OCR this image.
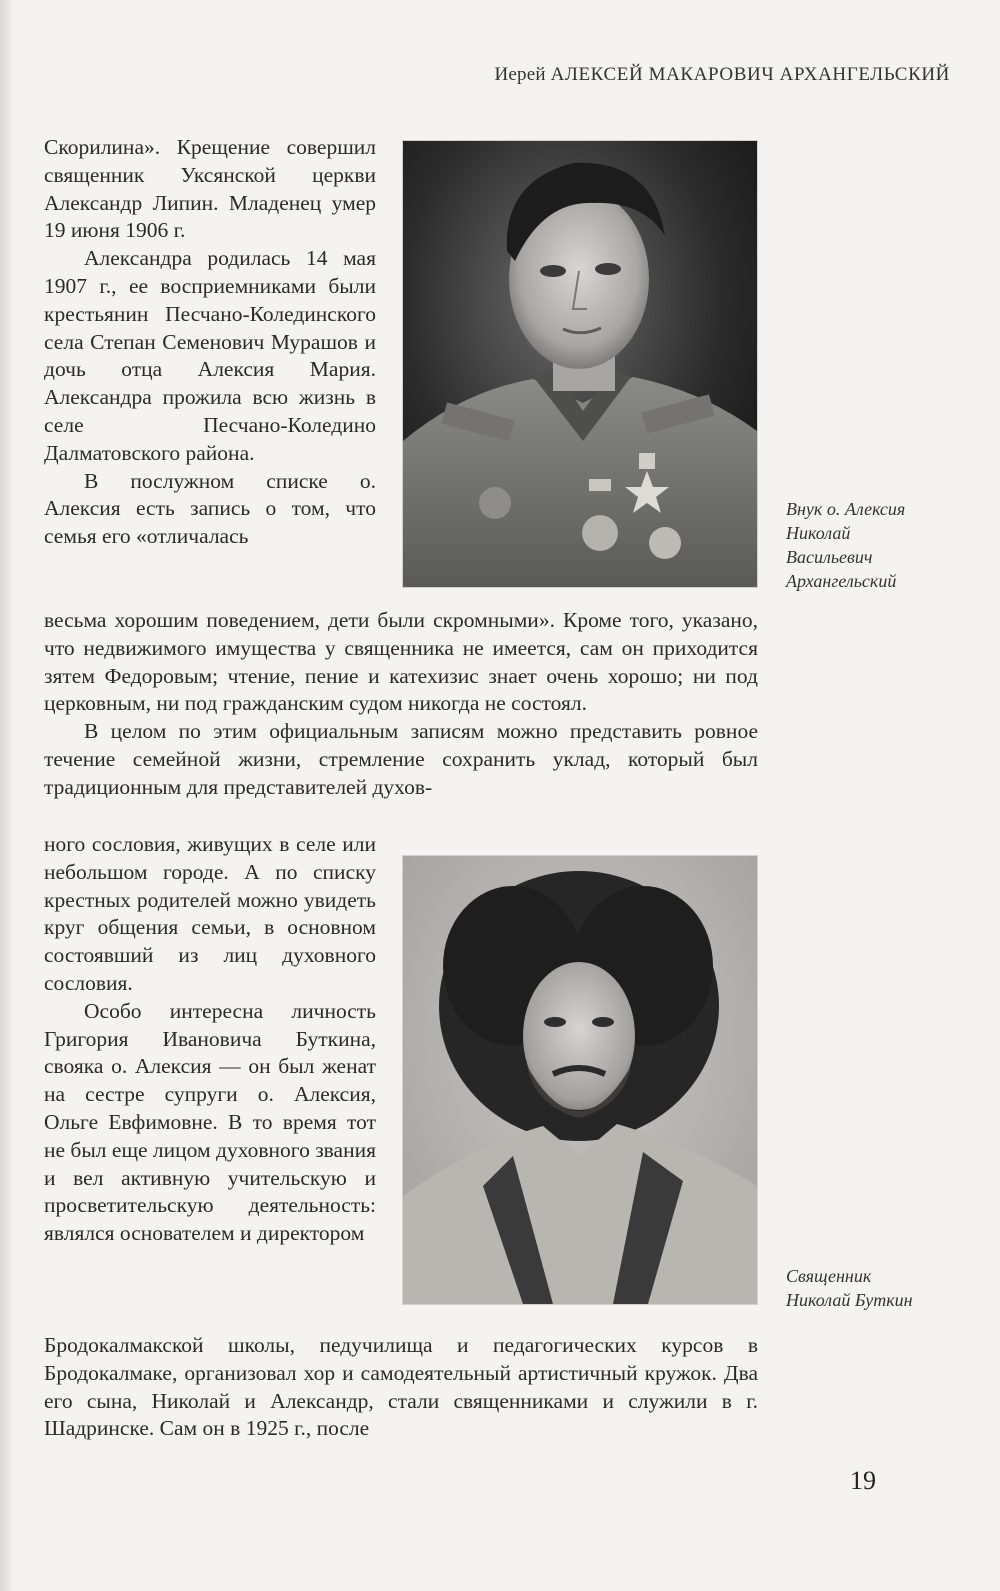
Иерей АЛЕКСЕЙ МАКАРОВИЧ АРХАНГЕЛЬСКИЙ

Скорилина». Крещение совершил священник Уксянской церкви Александр Липин. Младенец умер 19 июня 1906 г.

Александра родилась 14 мая 1907 г., ее восприемниками были крестьянин Песчано-Колединского села Степан Семенович Мурашов и дочь отца Алексия Мария. Александра прожила всю жизнь в селе Песчано-Коледино Далматовского района.

В послужном списке о. Алексия есть запись о том, что семья его «отличалась

Внук о. Алексия
Николай
Васильевич
Архангельский

весьма хорошим поведением, дети были скромными». Кроме того, указано, что недвижимого имущества у священника не имеется, сам он приходится зятем Федоровым; чтение, пение и катехизис знает очень хорошо; ни под церковным, ни под гражданским судом никогда не состоял.

В целом по этим официальным записям можно представить ровное течение семейной жизни, стремление сохранить уклад, который был традиционным для представителей духов-

ного сословия, живущих в селе или небольшом городе. А по списку крестных родителей можно увидеть круг общения семьи, в основном состоявший из лиц духовного сословия.

Особо интересна личность Григория Ивановича Буткина, свояка о. Алексия — он был женат на сестре супруги о. Алексия, Ольге Евфимовне. В то время тот не был еще лицом духовного звания и вел активную учительскую и просветительскую деятельность: являлся основателем и директором

Священник
Николай Буткин

Бродокалмакской школы, педучилища и педагогических курсов в Бродокалмаке, организовал хор и самодеятельный артистичный кружок. Два его сына, Николай и Александр, стали священниками и служили в г. Шадринске. Сам он в 1925 г., после

19
